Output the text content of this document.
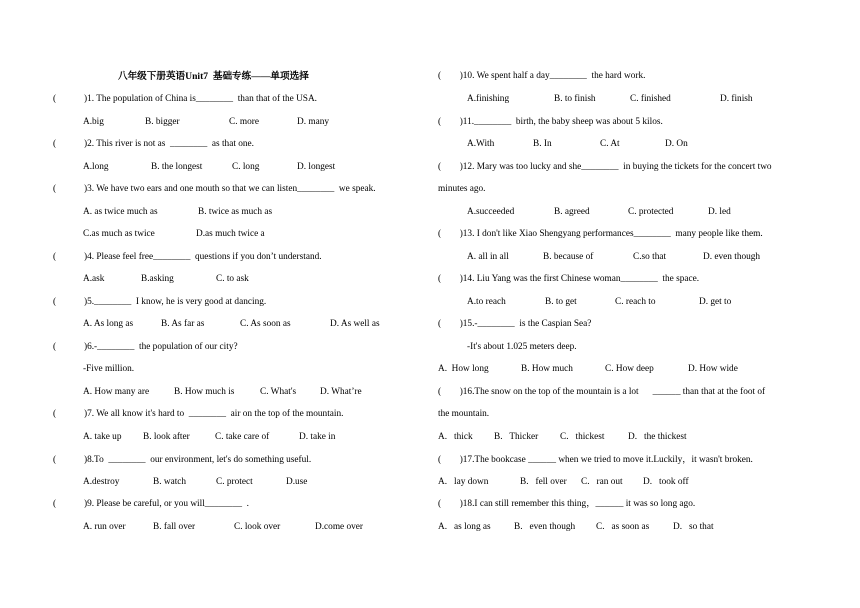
八年级下册英语Unit7  基础专练——单项选择
(            )1. The population of China is________  than that of the USA.
A.big	B. bigger	C. more	D. many
(            )2. This river is not as  ________  as that one.
A.long	B. the longest	C. long	D. longest
(            )3. We have two ears and one mouth so that we can listen________  we speak.
A. as twice much as	B. twice as much as
C.as much as twice	D.as much twice a
(            )4. Please feel free________  questions if you don’t understand.
A.ask	B.asking	C. to ask
(            )5.________  I know, he is very good at dancing.
A. As long as	B. As far as	C. As soon as	D. As well as
(            )6.-________  the population of our city?
-Five million.
A. How many are	B. How much is	C. What's	D. What’re
(            )7. We all know it's hard to  ________  air on the top of the mountain.
A. take up B. look after	C. take care of	D. take in
(            )8.To  ________  our environment, let's do something useful.
A.destroy	B. watch	C. protect	D.use
(            )9. Please be careful, or you will________  .
A. run over	B. fall over	C. look over	D.come over
(        )10. We spent half a day________  the hard work.
A.finishing	B. to finish	C. finished	D. finish
(        )11.________  birth, the baby sheep was about 5 kilos.
A.With	B. In	C. At	D. On
(        )12. Mary was too lucky and she________  in buying the tickets for the concert two
minutes ago.
A.succeeded	B. agreed	C. protected	D. led
(        )13. I don't like Xiao Shengyang performances________  many people like them.
A. all in all	B. because of	C.so that	D. even though
(        )14. Liu Yang was the first Chinese woman________  the space.
A.to reach	B. to get	C. reach to	D. get to
(        )15.-________  is the Caspian Sea?
-It's about 1.025 meters deep.
A.  How long	B. How much	C. How deep	D. How wide
(        )16.The snow on the top of the mountain is a lot      ______ than that at the foot of
the mountain.
A.   thick B.   Thicker C.   thickest	D.   the thickest
(        )17.The bookcase ______ when we tried to move it.Luckily，it wasn't broken.
A.   lay down	B.   fell over C.   ran out D.   took off
(        )18.I can still remember this thing，______ it was so long ago.
A.   as long as	B.   even though C.   as soon as	D.   so that
